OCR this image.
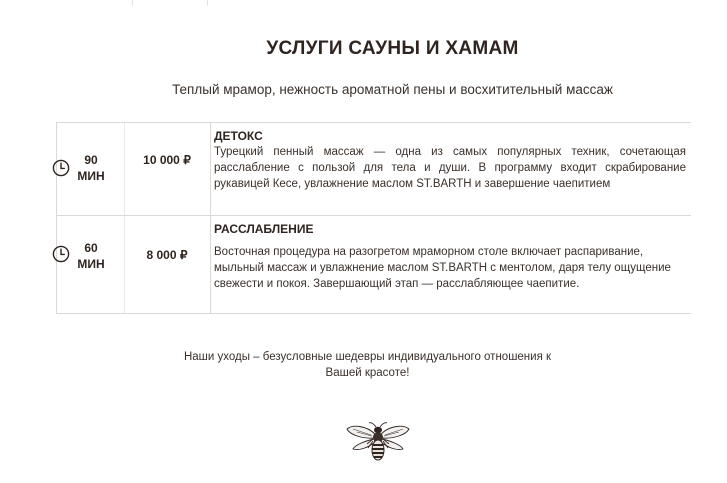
УСЛУГИ САУНЫ И ХАМАМ
Теплый мрамор, нежность ароматной пены и восхитительный массаж
90
МИН
10 000 ₽
ДЕТОКС
Турецкий пенный массаж — одна из самых популярных техник, сочетающая расслабление с пользой для тела и души. В программу входит скрабирование рукавицей Кесе, увлажнение маслом ST.BARTH и завершение чаепитием
60
МИН
8 000 ₽
РАССЛАБЛЕНИЕ
Восточная процедура на разогретом мраморном столе включает распаривание, мыльный массаж и увлажнение маслом ST.BARTH с ментолом, даря телу ощущение свежести и покоя. Завершающий этап — расслабляющее чаепитие.
Наши уходы – безусловные шедевры индивидуального отношения к
Вашей красоте!
